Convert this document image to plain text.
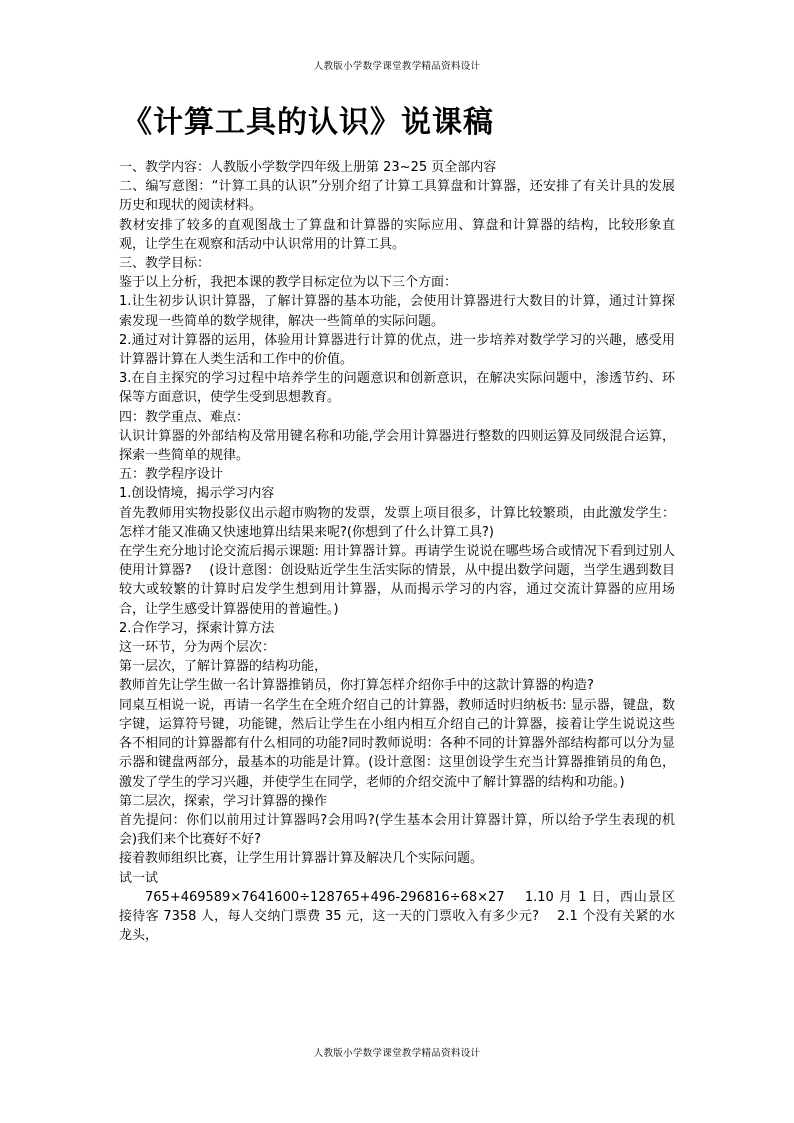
人教版小学数学课堂教学精品资料设计
《计算工具的认识》说课稿

一、教学内容：人教版小学数学四年级上册第 23~25 页全部内容

二、编写意图：“计算工具的认识”分别介绍了计算工具算盘和计算器，还安排了有关计具的发展历史和现状的阅读材料。

教材安排了较多的直观图战士了算盘和计算器的实际应用、算盘和计算器的结构，比较形象直观，让学生在观察和活动中认识常用的计算工具。

三、教学目标：

鉴于以上分析，我把本课的教学目标定位为以下三个方面：

1.让生初步认识计算器，了解计算器的基本功能，会使用计算器进行大数目的计算，通过计算探索发现一些简单的数学规律，解决一些简单的实际问题。

2.通过对计算器的运用，体验用计算器进行计算的优点，进一步培养对数学学习的兴趣，感受用计算器计算在人类生活和工作中的价值。

3.在自主探究的学习过程中培养学生的问题意识和创新意识，在解决实际问题中，渗透节约、环保等方面意识，使学生受到思想教育。

四：教学重点、难点：

认识计算器的外部结构及常用键名称和功能,学会用计算器进行整数的四则运算及同级混合运算，探索一些简单的规律。

五：教学程序设计

1.创设情境，揭示学习内容

首先教师用实物投影仪出示超市购物的发票，发票上项目很多，计算比较繁琐，由此激发学生：怎样才能又准确又快速地算出结果来呢?(你想到了什么计算工具?)

在学生充分地讨论交流后揭示课题: 用计算器计算。再请学生说说在哪些场合或情况下看到过别人使用计算器?　 (设计意图：创设贴近学生生活实际的情景，从中提出数学问题，当学生遇到数目较大或较繁的计算时启发学生想到用计算器，从而揭示学习的内容，通过交流计算器的应用场合，让学生感受计算器使用的普遍性。)

2.合作学习，探索计算方法

这一环节，分为两个层次：

第一层次，了解计算器的结构功能，

教师首先让学生做一名计算器推销员，你打算怎样介绍你手中的这款计算器的构造?

同桌互相说一说，再请一名学生在全班介绍自己的计算器，教师适时归纳板书: 显示器，键盘，数字键，运算符号键，功能键，然后让学生在小组内相互介绍自己的计算器，接着让学生说说这些各不相同的计算器都有什么相同的功能?同时教师说明：各种不同的计算器外部结构都可以分为显示器和键盘两部分，最基本的功能是计算。(设计意图：这里创设学生充当计算器推销员的角色，激发了学生的学习兴趣，并使学生在同学，老师的介绍交流中了解计算器的结构和功能。)

第二层次，探索，学习计算器的操作

首先提问：你们以前用过计算器吗?会用吗?(学生基本会用计算器计算，所以给予学生表现的机会)我们来个比赛好不好?

接着教师组织比赛，让学生用计算器计算及解决几个实际问题。

试一试

765+469589×7641600÷128765+496-296816÷68×27　 1.10 月 1 日，西山景区接待客 7358 人，每人交纳门票费 35 元，这一天的门票收入有多少元?　 2.1 个没有关紧的水龙头，

人教版小学数学课堂教学精品资料设计
